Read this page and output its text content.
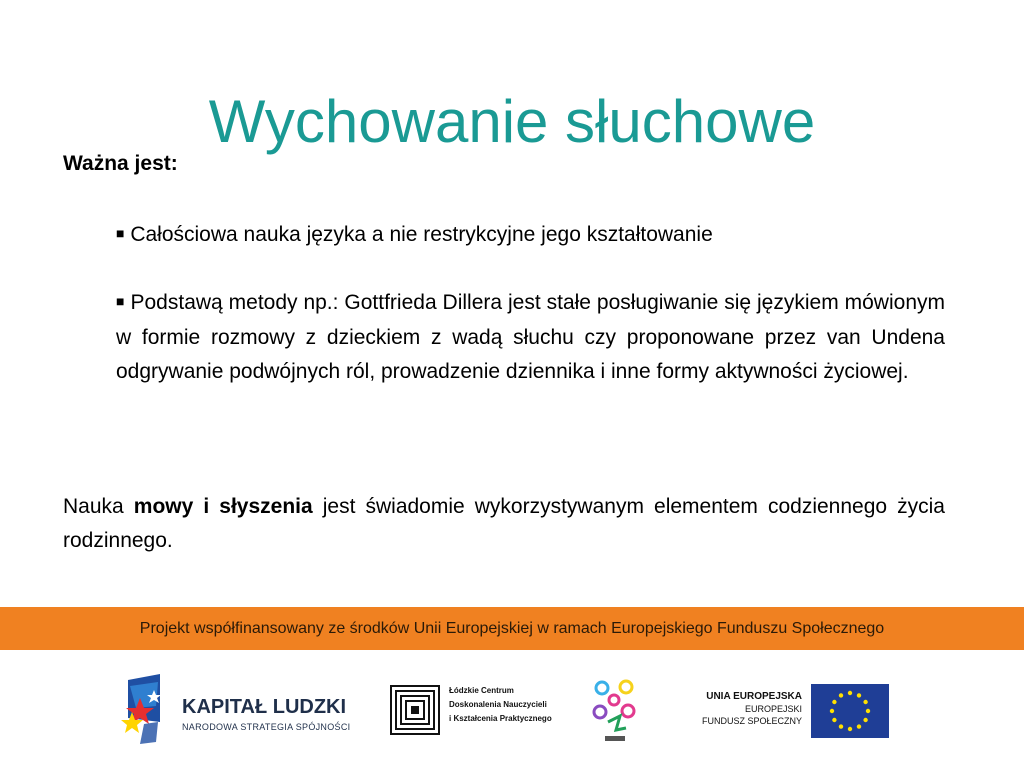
Wychowanie słuchowe
Ważna jest:
■ Całościowa nauka języka a nie restrykcyjne jego kształtowanie
■ Podstawą metody np.: Gottfrieda Dillera jest stałe posługiwanie się językiem mówionym w formie rozmowy z dzieckiem z wadą słuchu czy proponowane przez van Undena odgrywanie podwójnych ról, prowadzenie dziennika i inne formy aktywności życiowej.
Nauka mowy i słyszenia jest świadomie wykorzystywanym elementem codziennego życia rodzinnego.
Projekt współfinansowany ze środków Unii Europejskiej w ramach Europejskiego Funduszu Społecznego
KAPITAŁ LUDZKI
NARODOWA STRATEGIA SPÓJNOŚCI
Łódzkie Centrum
Doskonalenia Nauczycieli
i Kształcenia Praktycznego
UNIA EUROPEJSKA
EUROPEJSKI
FUNDUSZ SPOŁECZNY
